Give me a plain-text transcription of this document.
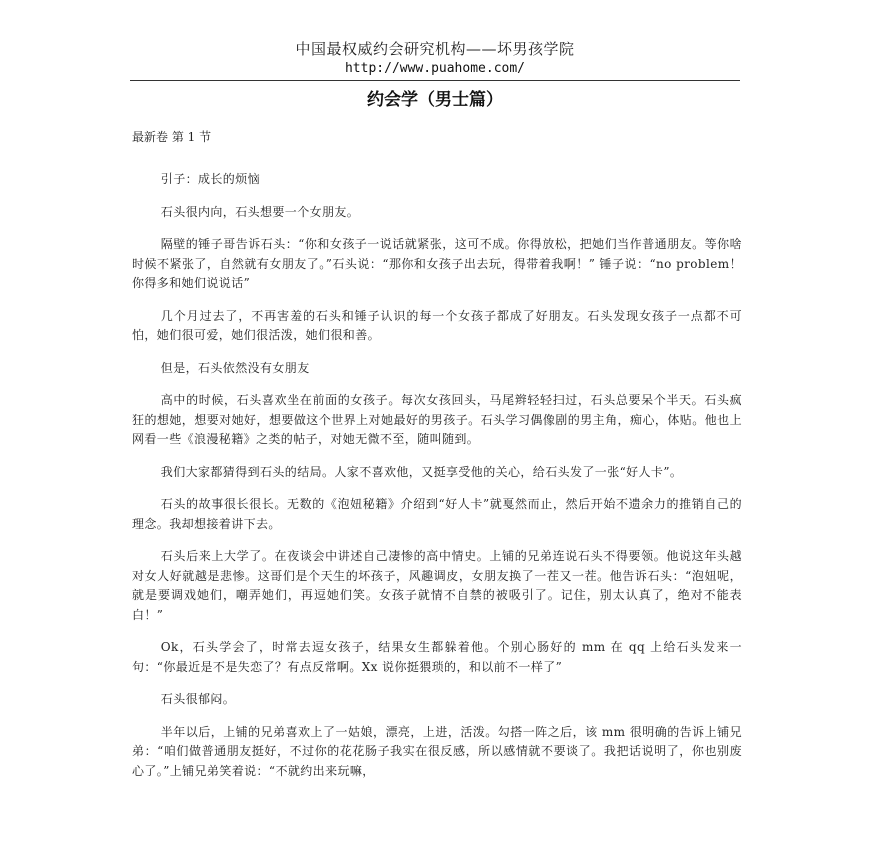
中国最权威约会研究机构——坏男孩学院
http://www.puahome.com/
约会学（男士篇）
最新卷 第 1 节

引子：成长的烦恼

石头很内向，石头想要一个女朋友。

隔壁的锤子哥告诉石头：“你和女孩子一说话就紧张，这可不成。你得放松，把她们当作普通朋友。等你啥时候不紧张了，自然就有女朋友了。”石头说：“那你和女孩子出去玩，得带着我啊！” 锤子说：“no problem！你得多和她们说说话”

几个月过去了，不再害羞的石头和锤子认识的每一个女孩子都成了好朋友。石头发现女孩子一点都不可怕，她们很可爱，她们很活泼，她们很和善。

但是，石头依然没有女朋友

高中的时候，石头喜欢坐在前面的女孩子。每次女孩回头，马尾辫轻轻扫过，石头总要呆个半天。石头疯狂的想她，想要对她好，想要做这个世界上对她最好的男孩子。石头学习偶像剧的男主角，痴心，体贴。他也上网看一些《浪漫秘籍》之类的帖子，对她无微不至，随叫随到。

我们大家都猜得到石头的结局。人家不喜欢他，又挺享受他的关心，给石头发了一张“好人卡”。

石头的故事很长很长。无数的《泡妞秘籍》介绍到“好人卡”就戛然而止，然后开始不遗余力的推销自己的理念。我却想接着讲下去。

石头后来上大学了。在夜谈会中讲述自己凄惨的高中情史。上铺的兄弟连说石头不得要领。他说这年头越对女人好就越是悲惨。这哥们是个天生的坏孩子，风趣调皮，女朋友换了一茬又一茬。他告诉石头：“泡妞呢，就是要调戏她们，嘲弄她们，再逗她们笑。女孩子就情不自禁的被吸引了。记住，别太认真了，绝对不能表白！”

Ok，石头学会了，时常去逗女孩子，结果女生都躲着他。个别心肠好的 mm 在 qq 上给石头发来一句：“你最近是不是失恋了？有点反常啊。Xx 说你挺猥琐的，和以前不一样了”

石头很郁闷。

半年以后，上铺的兄弟喜欢上了一姑娘，漂亮，上进，活泼。勾搭一阵之后，该 mm 很明确的告诉上铺兄弟：“咱们做普通朋友挺好，不过你的花花肠子我实在很反感，所以感情就不要谈了。我把话说明了，你也别废心了。”上铺兄弟笑着说：“不就约出来玩嘛，
